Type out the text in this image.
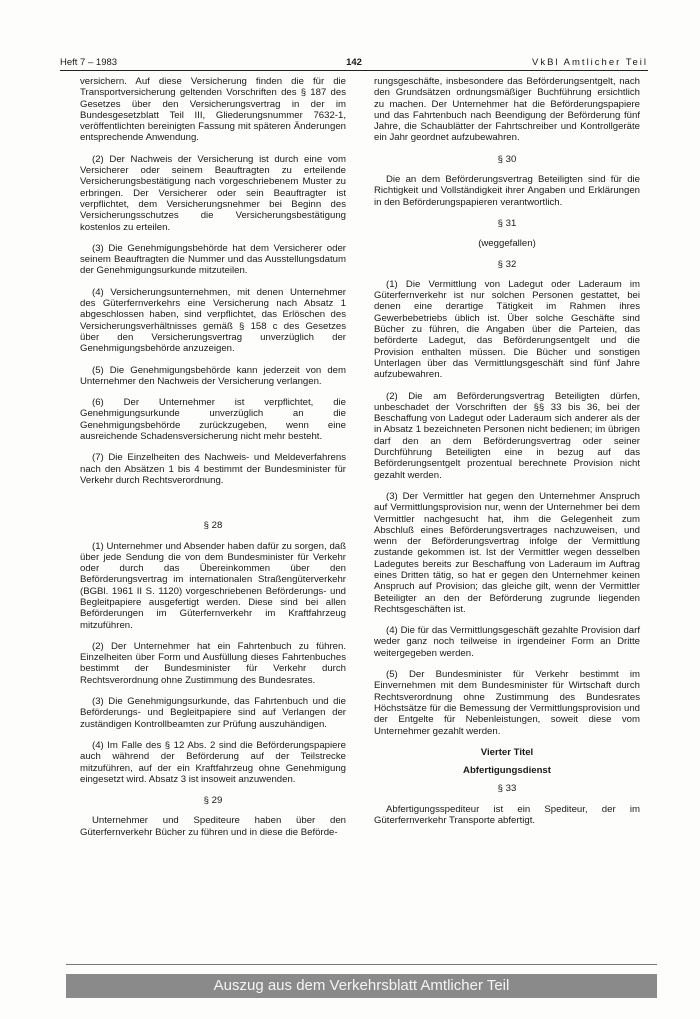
Heft 7 – 1983	142	VkBl Amtlicher Teil

versichern. Auf diese Versicherung finden die für die Transportversicherung geltenden Vorschriften des § 187 des Gesetzes über den Versicherungsvertrag in der im Bundesgesetzblatt Teil III, Gliederungsnummer 7632-1, veröffentlichten bereinigten Fassung mit späteren Änderungen entsprechende Anwendung.

(2) Der Nachweis der Versicherung ist durch eine vom Versicherer oder seinem Beauftragten zu erteilende Versicherungsbestätigung nach vorgeschriebenem Muster zu erbringen. Der Versicherer oder sein Beauftragter ist verpflichtet, dem Versicherungsnehmer bei Beginn des Versicherungsschutzes die Versicherungsbestätigung kostenlos zu erteilen.

(3) Die Genehmigungsbehörde hat dem Versicherer oder seinem Beauftragten die Nummer und das Ausstellungsdatum der Genehmigungsurkunde mitzuteilen.

(4) Versicherungsunternehmen, mit denen Unternehmer des Güterfernverkehrs eine Versicherung nach Absatz 1 abgeschlossen haben, sind verpflichtet, das Erlöschen des Versicherungsverhältnisses gemäß § 158 c des Gesetzes über den Versicherungsvertrag unverzüglich der Genehmigungsbehörde anzuzeigen.

(5) Die Genehmigungsbehörde kann jederzeit von dem Unternehmer den Nachweis der Versicherung verlangen.

(6) Der Unternehmer ist verpflichtet, die Genehmigungsurkunde unverzüglich an die Genehmigungsbehörde zurückzugeben, wenn eine ausreichende Schadensversicherung nicht mehr besteht.

(7) Die Einzelheiten des Nachweis- und Meldeverfahrens nach den Absätzen 1 bis 4 bestimmt der Bundesminister für Verkehr durch Rechtsverordnung.

§ 28

(1) Unternehmer und Absender haben dafür zu sorgen, daß über jede Sendung die von dem Bundesminister für Verkehr oder durch das Übereinkommen über den Beförderungsvertrag im internationalen Straßengüterverkehr (BGBl. 1961 II S. 1120) vorgeschriebenen Beförderungs- und Begleitpapiere ausgefertigt werden. Diese sind bei allen Beförderungen im Güterfernverkehr im Kraftfahrzeug mitzuführen.

(2) Der Unternehmer hat ein Fahrtenbuch zu führen. Einzelheiten über Form und Ausfüllung dieses Fahrtenbuches bestimmt der Bundesminister für Verkehr durch Rechtsverordnung ohne Zustimmung des Bundesrates.

(3) Die Genehmigungsurkunde, das Fahrtenbuch und die Beförderungs- und Begleitpapiere sind auf Verlangen der zuständigen Kontrollbeamten zur Prüfung auszuhändigen.

(4) Im Falle des § 12 Abs. 2 sind die Beförderungspapiere auch während der Beförderung auf der Teilstrecke mitzuführen, auf der ein Kraftfahrzeug ohne Genehmigung eingesetzt wird. Absatz 3 ist insoweit anzuwenden.

§ 29

Unternehmer und Spediteure haben über den Güterfernverkehr Bücher zu führen und in diese die Beförde-

rungsgeschäfte, insbesondere das Beförderungsentgelt, nach den Grundsätzen ordnungsmäßiger Buchführung ersichtlich zu machen. Der Unternehmer hat die Beförderungspapiere und das Fahrtenbuch nach Beendigung der Beförderung fünf Jahre, die Schaublätter der Fahrtschreiber und Kontrollgeräte ein Jahr geordnet aufzubewahren.

§ 30

Die an dem Beförderungsvertrag Beteiligten sind für die Richtigkeit und Vollständigkeit ihrer Angaben und Erklärungen in den Beförderungspapieren verantwortlich.

§ 31
(weggefallen)
§ 32

(1) Die Vermittlung von Ladegut oder Laderaum im Güterfernverkehr ist nur solchen Personen gestattet, bei denen eine derartige Tätigkeit im Rahmen ihres Gewerbebetriebs üblich ist. Über solche Geschäfte sind Bücher zu führen, die Angaben über die Parteien, das beförderte Ladegut, das Beförderungsentgelt und die Provision enthalten müssen. Die Bücher und sonstigen Unterlagen über das Vermittlungsgeschäft sind fünf Jahre aufzubewahren.

(2) Die am Beförderungsvertrag Beteiligten dürfen, unbeschadet der Vorschriften der §§ 33 bis 36, bei der Beschaffung von Ladegut oder Laderaum sich anderer als der in Absatz 1 bezeichneten Personen nicht bedienen; im übrigen darf den an dem Beförderungsvertrag oder seiner Durchführung Beteiligten eine in bezug auf das Beförderungsentgelt prozentual berechnete Provision nicht gezahlt werden.

(3) Der Vermittler hat gegen den Unternehmer Anspruch auf Vermittlungsprovision nur, wenn der Unternehmer bei dem Vermittler nachgesucht hat, ihm die Gelegenheit zum Abschluß eines Beförderungsvertrages nachzuweisen, und wenn der Beförderungsvertrag infolge der Vermittlung zustande gekommen ist. Ist der Vermittler wegen desselben Ladegutes bereits zur Beschaffung von Laderaum im Auftrag eines Dritten tätig, so hat er gegen den Unternehmer keinen Anspruch auf Provision; das gleiche gilt, wenn der Vermittler Beteiligter an den der Beförderung zugrunde liegenden Rechtsgeschäften ist.

(4) Die für das Vermittlungsgeschäft gezahlte Provision darf weder ganz noch teilweise in irgendeiner Form an Dritte weitergegeben werden.

(5) Der Bundesminister für Verkehr bestimmt im Einvernehmen mit dem Bundesminister für Wirtschaft durch Rechtsverordnung ohne Zustimmung des Bundesrates Höchstsätze für die Bemessung der Vermittlungsprovision und der Entgelte für Nebenleistungen, soweit diese vom Unternehmer gezahlt werden.

Vierter Titel
Abfertigungsdienst
§ 33

Abfertigungsspediteur ist ein Spediteur, der im Güterfernverkehr Transporte abfertigt.

Auszug aus dem Verkehrsblatt Amtlicher Teil
